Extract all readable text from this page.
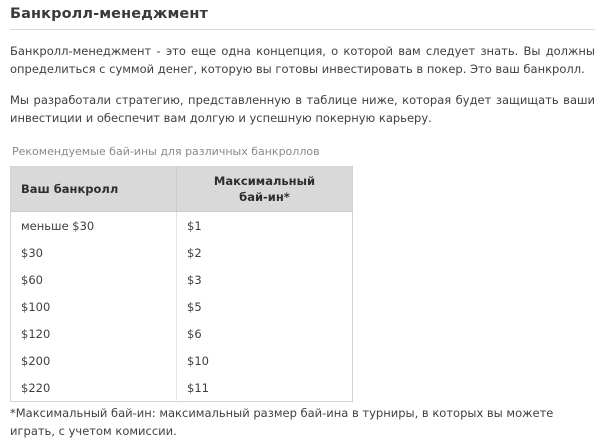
Банкролл-менеджмент

Банкролл-менеджмент - это еще одна концепция, о которой вам следует знать. Вы должны определиться с суммой денег, которую вы готовы инвестировать в покер. Это ваш банкролл.

Мы разработали стратегию, представленную в таблице ниже, которая будет защищать ваши инвестиции и обеспечит вам долгую и успешную покерную карьеру.

Рекомендуемые бай-ины для различных банкроллов
Ваш банкролл	Максимальный
бай-ин*
меньше $30	$1
$30	$2
$60	$3
$100	$5
$120	$6
$200	$10
$220	$11
*Максимальный бай-ин: максимальный размер бай-ина в турниры, в которых вы можете играть, с учетом комиссии.
